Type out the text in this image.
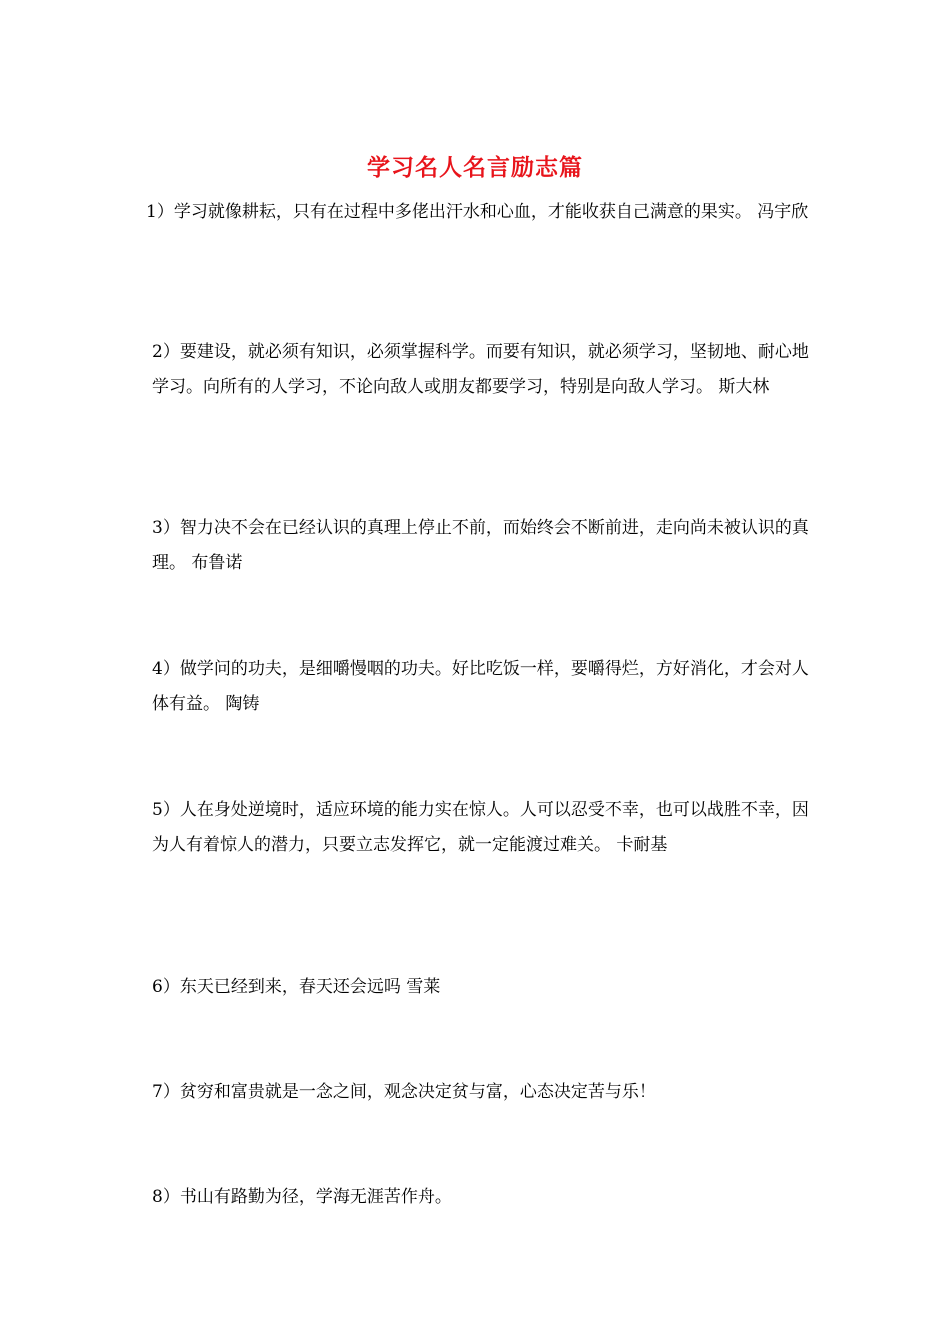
学习名人名言励志篇

1）学习就像耕耘，只有在过程中多佬出汗水和心血，才能收获自己满意的果实。 冯宇欣

2）要建设，就必须有知识，必须掌握科学。而要有知识，就必须学习，坚韧地、耐心地学习。向所有的人学习，不论向敌人或朋友都要学习，特别是向敌人学习。 斯大林

3）智力决不会在已经认识的真理上停止不前，而始终会不断前进，走向尚未被认识的真理。 布鲁诺

4）做学问的功夫，是细嚼慢咽的功夫。好比吃饭一样，要嚼得烂，方好消化，才会对人体有益。 陶铸

5）人在身处逆境时，适应环境的能力实在惊人。人可以忍受不幸，也可以战胜不幸，因为人有着惊人的潜力，只要立志发挥它，就一定能渡过难关。 卡耐基

6）东天已经到来，春天还会远吗 雪莱

7）贫穷和富贵就是一念之间，观念决定贫与富，心态决定苦与乐！

8）书山有路勤为径，学海无涯苦作舟。
